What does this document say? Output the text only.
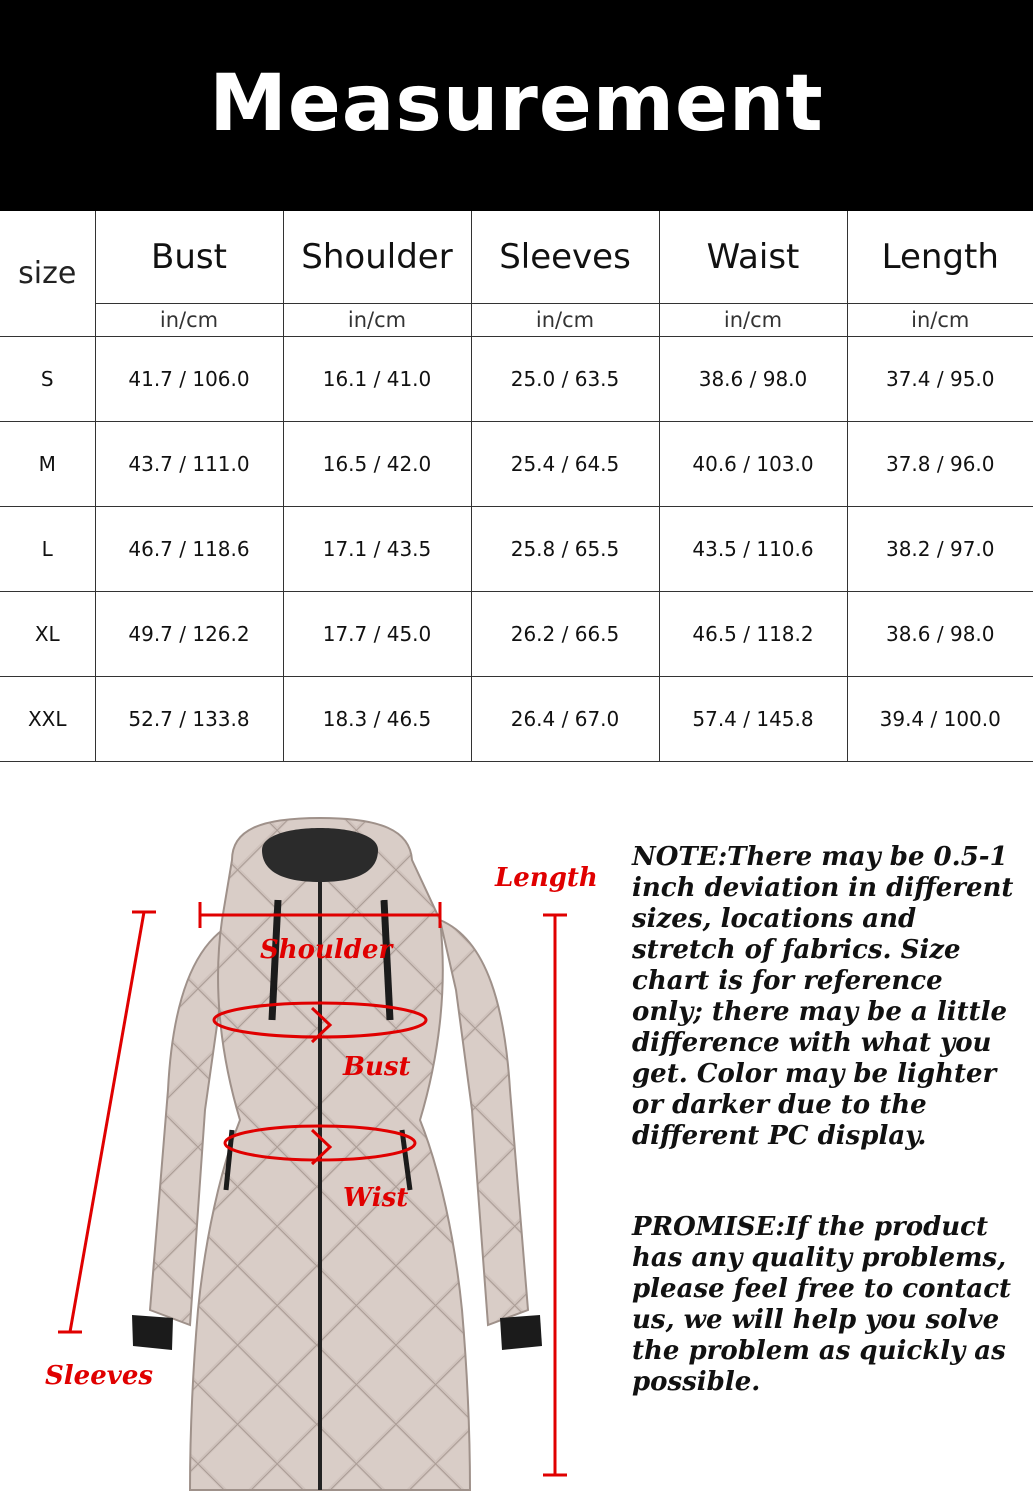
Measurement
size	Bust	Shoulder	Sleeves	Waist	Length
	in/cm	in/cm	in/cm	in/cm	in/cm
S	41.7 / 106.0	16.1 / 41.0	25.0 / 63.5	38.6 / 98.0	37.4 / 95.0
M	43.7 / 111.0	16.5 / 42.0	25.4 / 64.5	40.6 / 103.0	37.8 / 96.0
L	46.7 / 118.6	17.1 / 43.5	25.8 / 65.5	43.5 / 110.6	38.2 / 97.0
XL	49.7 / 126.2	17.7 / 45.0	26.2 / 66.5	46.5 / 118.2	38.6 / 98.0
XXL	52.7 / 133.8	18.3 / 46.5	26.4 / 67.0	57.4 / 145.8	39.4 / 100.0
Shoulder
Bust
Wist
Sleeves
Length

NOTE:There may be 0.5-1 inch deviation in different sizes, locations and stretch of fabrics. Size chart is for reference only; there may be a little difference with what you get. Color may be lighter or darker due to the different PC display.

PROMISE:If the product has any quality problems, please feel free to contact us, we will help you solve the problem as quickly as possible.
